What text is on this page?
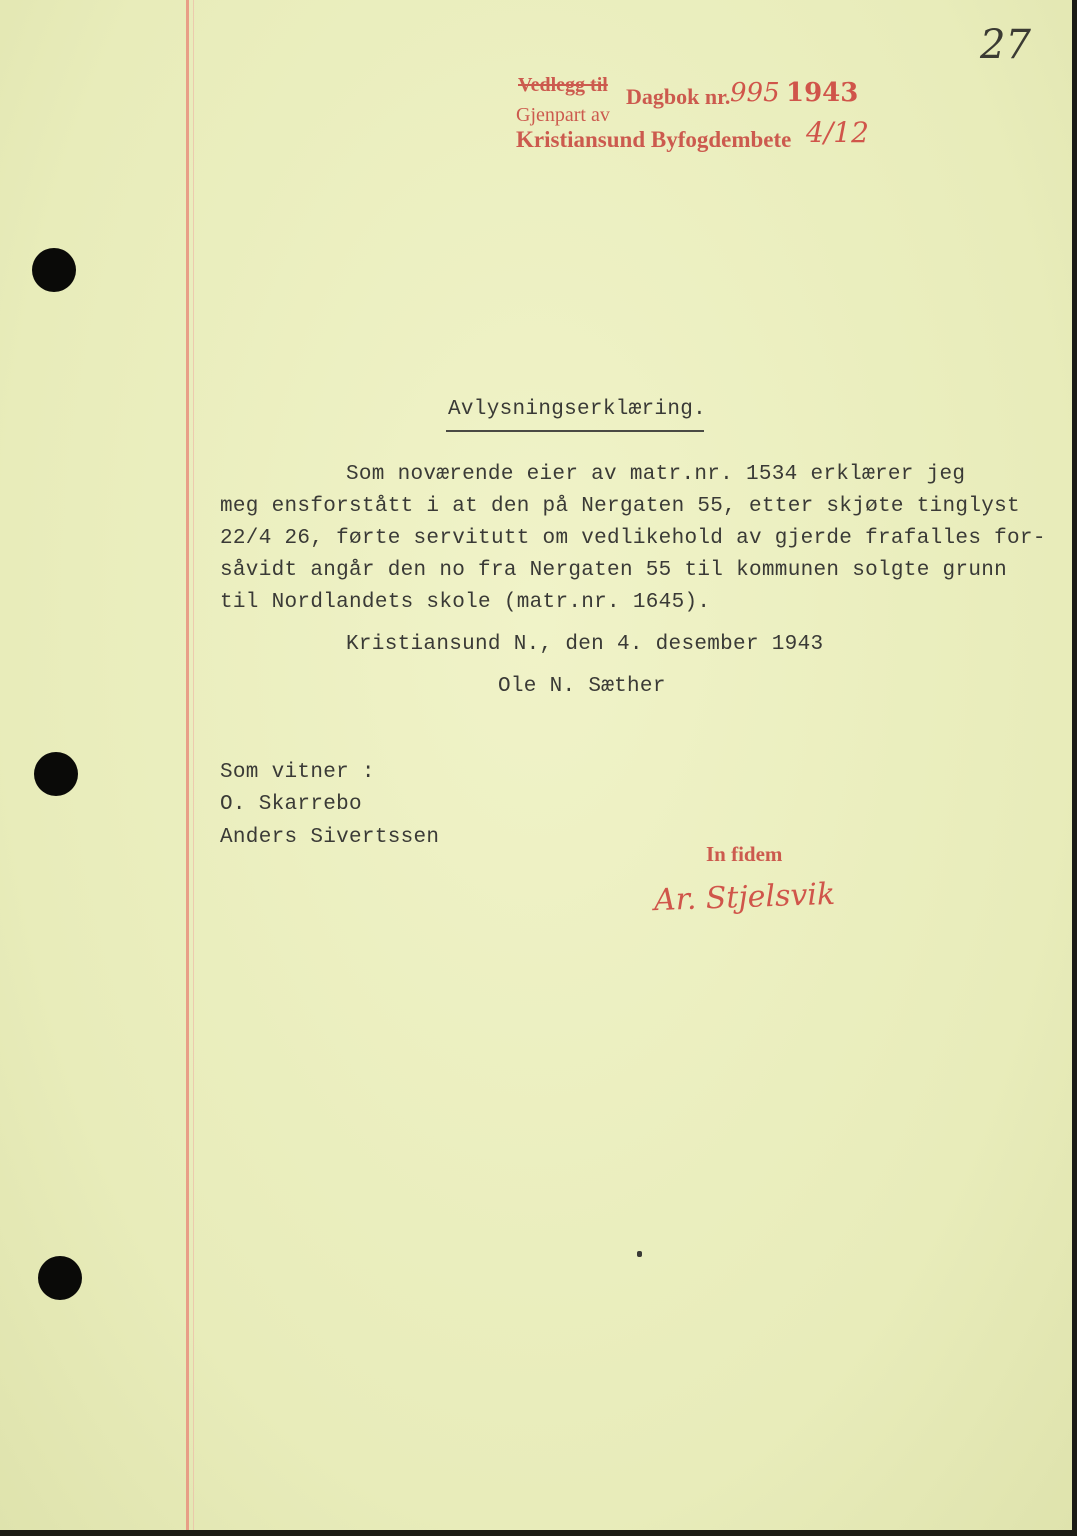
27
Vedlegg til Dagbok nr. 995 1943
Gjenpart av
Kristiansund Byfogdembete 4/12
Avlysningserklæring.
Som noværende eier av matr.nr. 1534 erklærer jeg
meg ensforstått i at den på Nergaten 55, etter skjøte tinglyst
22/4 26, førte servitutt om vedlikehold av gjerde frafalles for-
såvidt angår den no fra Nergaten 55 til kommunen solgte grunn
til Nordlandets skole (matr.nr. 1645).
Kristiansund N., den 4. desember 1943
Ole N. Sæther
Som vitner :
O. Skarrebo
Anders Sivertssen
In fidem
Ar. Stjelsvik
